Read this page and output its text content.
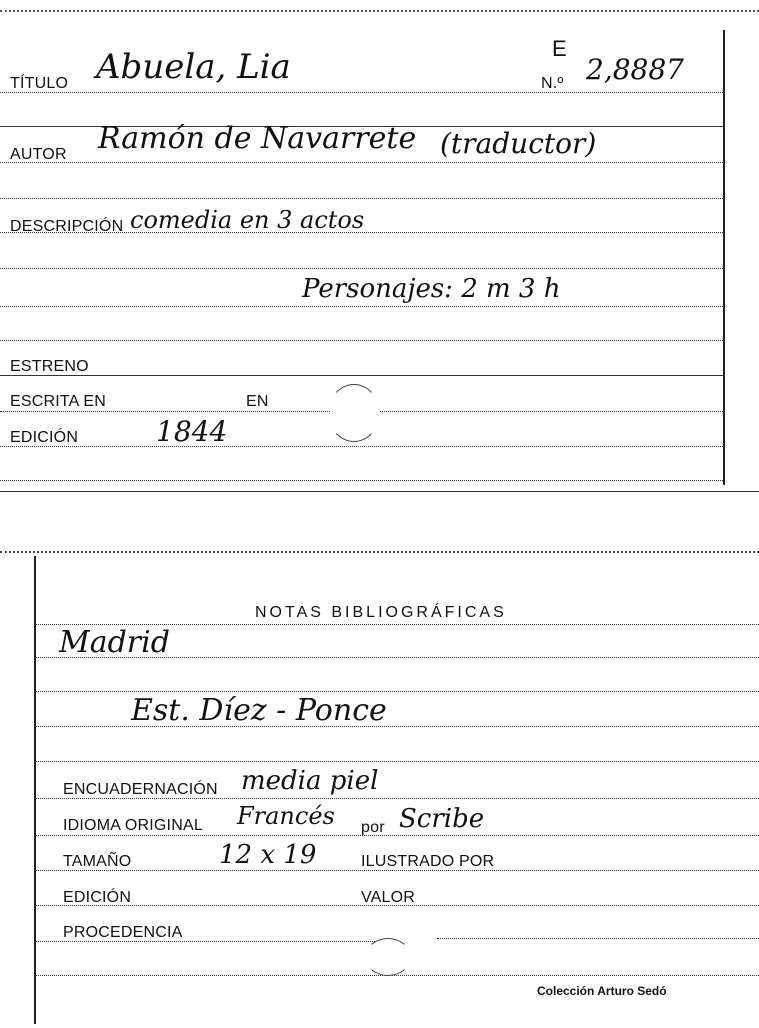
TÍTULO Abuela, Lia	E
N.º 2,8887
AUTOR Ramón de Navarrete (traductor)
DESCRIPCIÓN comedia en 3 actos
Personajes: 2 m 3 h
ESTRENO
ESCRITA EN	EN
EDICIÓN	1844
NOTAS BIBLIOGRÁFICAS
Madrid
Est. Díez - Ponce
ENCUADERNACIÓN media piel
IDIOMA ORIGINAL Francés por Scribe
TAMAÑO	12 x 19	ILUSTRADO POR
EDICIÓN	VALOR
PROCEDENCIA
Colección Arturo Sedó
